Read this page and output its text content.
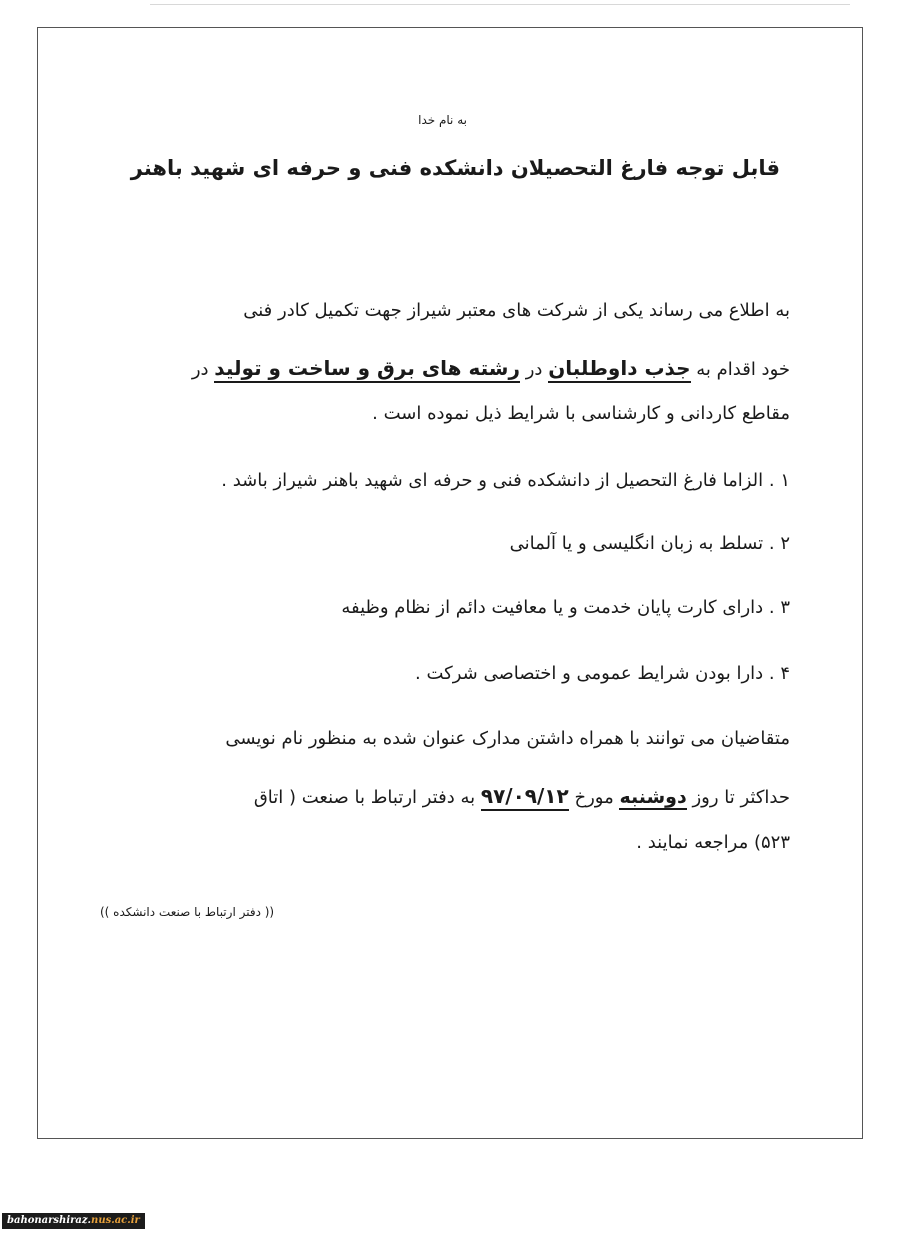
به نام خدا
قابل توجه فارغ التحصیلان دانشکده فنی و حرفه ای شهید باهنر
به اطلاع می رساند یکی از شرکت های معتبر شیراز جهت تکمیل کادر فنی
خود اقدام به جذب داوطلبان در رشته های برق و ساخت و تولید در
مقاطع کاردانی و کارشناسی با شرایط ذیل نموده است .
۱ . الزاما فارغ التحصیل از دانشکده فنی و حرفه ای شهید باهنر شیراز باشد .
۲ . تسلط به زبان انگلیسی و یا آلمانی
۳ . دارای کارت پایان خدمت و یا معافیت دائم از نظام وظیفه
۴ . دارا بودن شرایط عمومی و اختصاصی شرکت .
متقاضیان می توانند با همراه داشتن مدارک عنوان شده به منظور نام نویسی
حداکثر تا روز دوشنبه مورخ ۹۷/۰۹/۱۲ به دفتر ارتباط با صنعت ( اتاق
۵۲۳) مراجعه نمایند .
(( دفتر ارتباط با صنعت دانشکده ))
bahonarshiraz.nus.ac.ir
